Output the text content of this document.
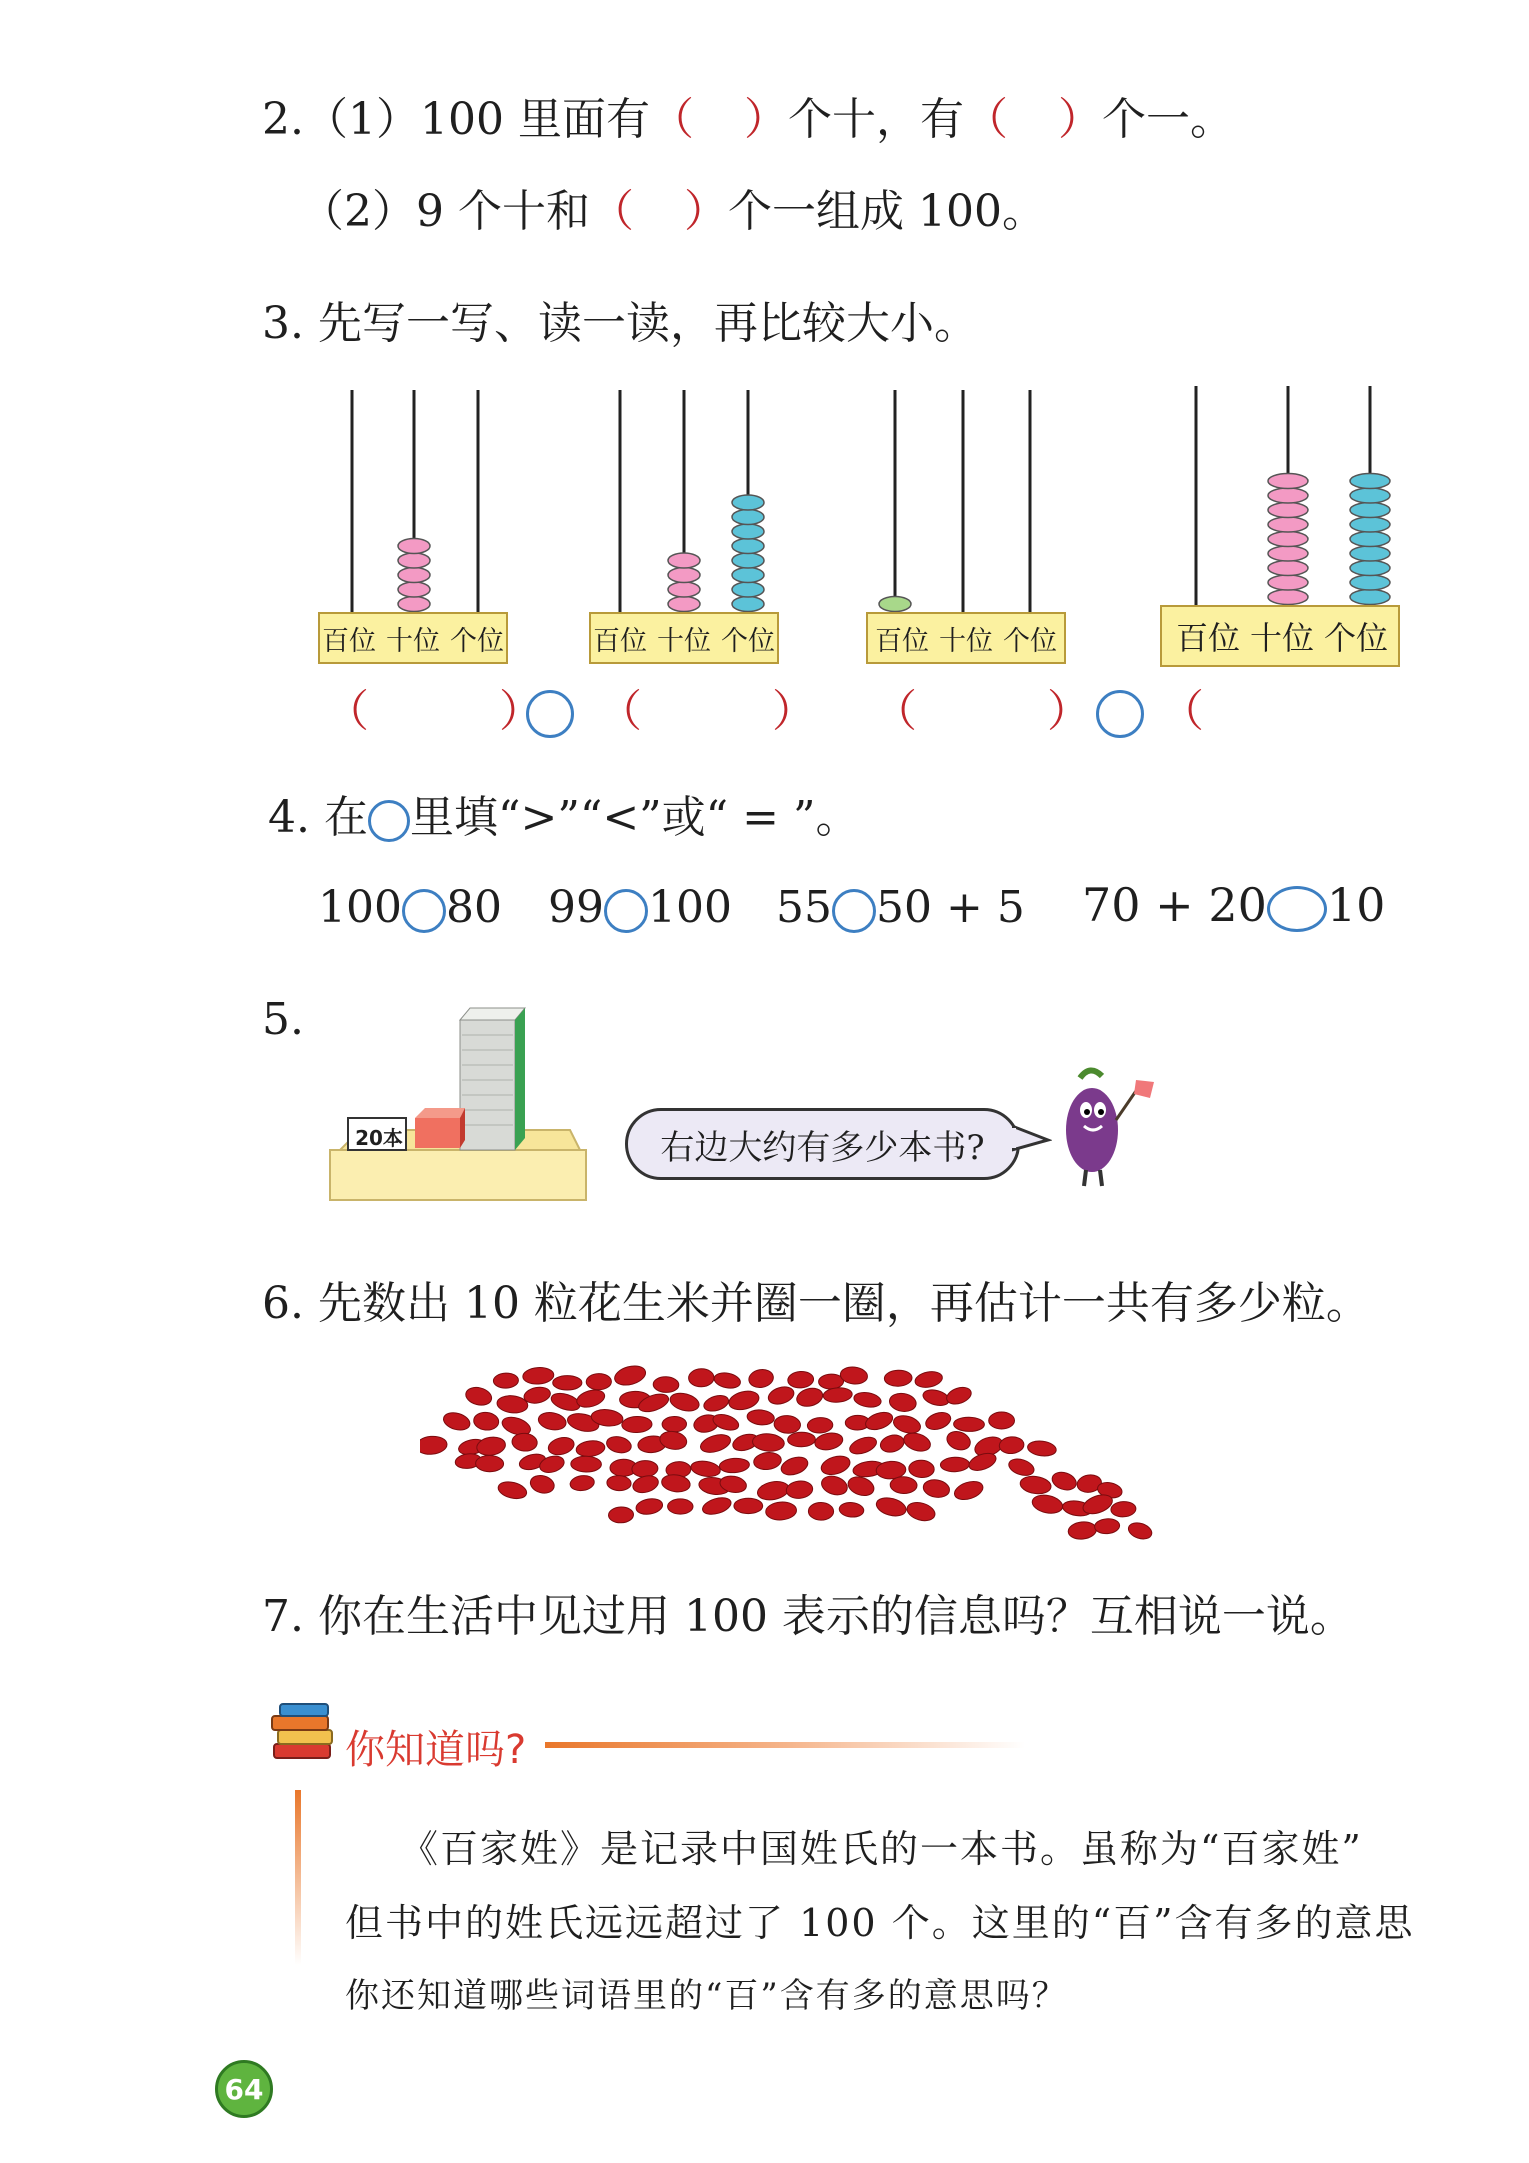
2.（1）100 里面有（ ）个十，有（ ）个一。
（2）9 个十和（ ）个一组成 100。
3. 先写一写、读一读，再比较大小。
百位 十位 个位	百位 十位 个位	百位 十位 个位	百位 十位 个位
（	） （	） （	） （
4. 在 里填“>”“<”或“ = ”。
100 80 99 100 55 50 + 5 70 + 20 10
5.
20本	右边大约有多少本书?
6. 先数出 10 粒花生米并圈一圈，再估计一共有多少粒。
7. 你在生活中见过用 100 表示的信息吗？互相说一说。
你知道吗?
《百家姓》是记录中国姓氏的一本书。虽称为“百家姓”
但书中的姓氏远远超过了 100 个。这里的“百”含有多的意思
你还知道哪些词语里的“百”含有多的意思吗？
64
